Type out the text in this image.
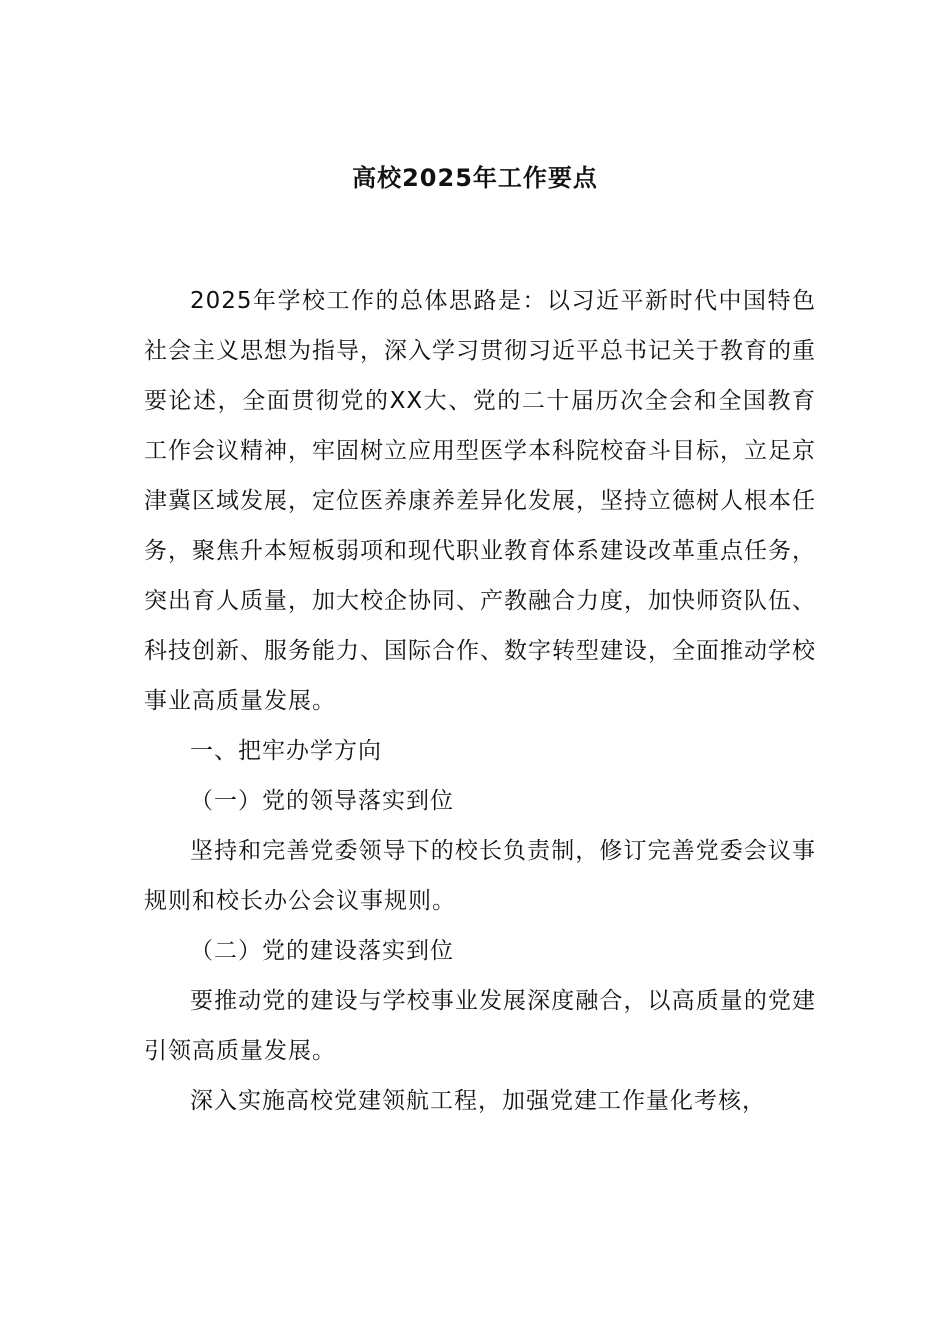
高校2025年工作要点

2025年学校工作的总体思路是：以习近平新时代中国特色社会主义思想为指导，深入学习贯彻习近平总书记关于教育的重要论述，全面贯彻党的XX大、党的二十届历次全会和全国教育工作会议精神，牢固树立应用型医学本科院校奋斗目标，立足京津冀区域发展，定位医养康养差异化发展，坚持立德树人根本任务，聚焦升本短板弱项和现代职业教育体系建设改革重点任务，突出育人质量，加大校企协同、产教融合力度，加快师资队伍、科技创新、服务能力、国际合作、数字转型建设，全面推动学校事业高质量发展。

一、把牢办学方向

（一）党的领导落实到位

坚持和完善党委领导下的校长负责制，修订完善党委会议事规则和校长办公会议事规则。

（二）党的建设落实到位

要推动党的建设与学校事业发展深度融合，以高质量的党建引领高质量发展。

深入实施高校党建领航工程，加强党建工作量化考核，
